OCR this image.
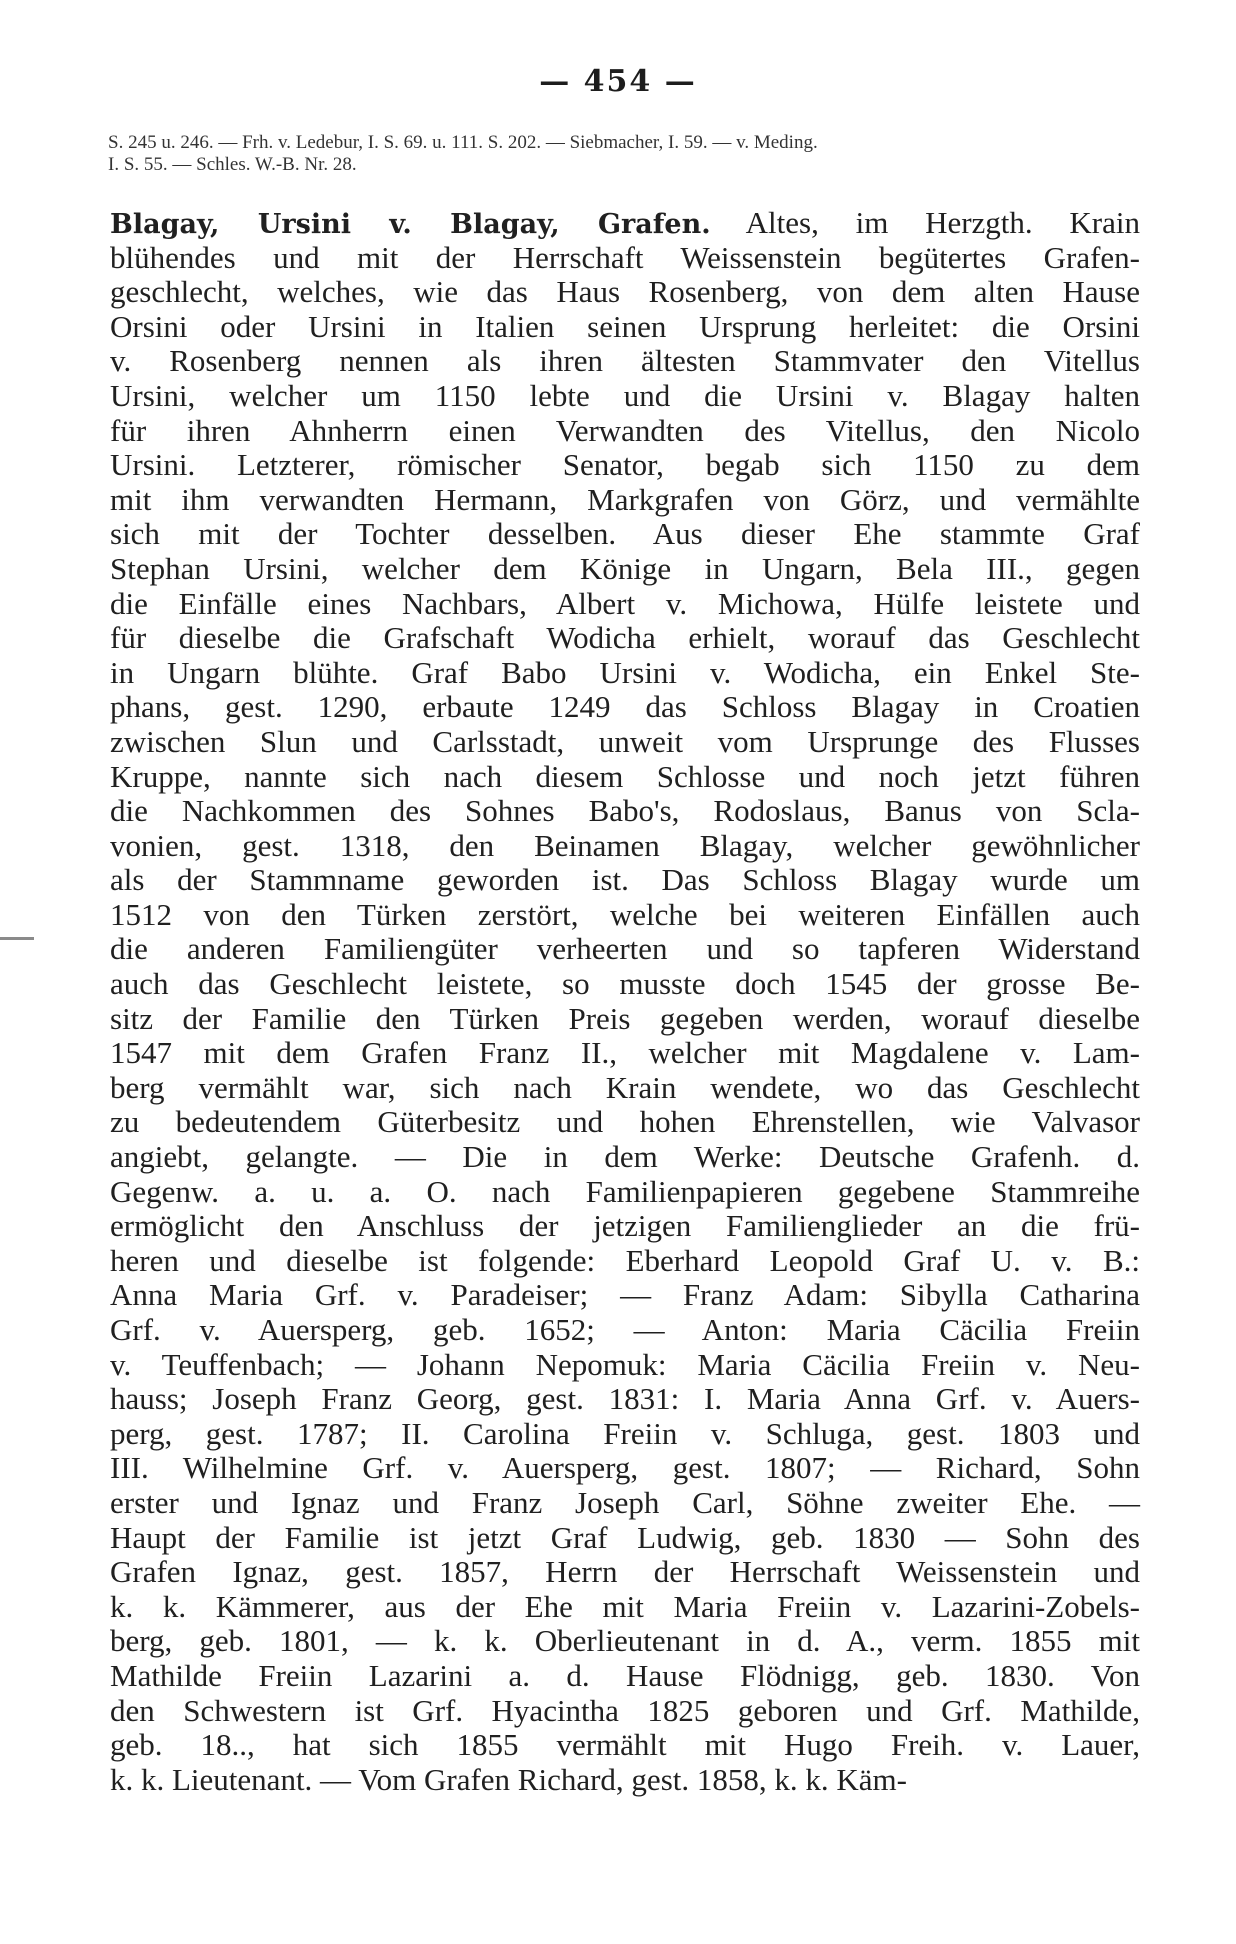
— 454 —
S. 245 u. 246. — Frh. v. Ledebur, I. S. 69. u. 111. S. 202. — Siebmacher, I. 59. — v. Meding.
I. S. 55. — Schles. W.-B. Nr. 28.
Blagay, Ursini v. Blagay, Grafen. Altes, im Herzgth. Krain
blühendes und mit der Herrschaft Weissenstein begütertes Grafen-
geschlecht, welches, wie das Haus Rosenberg, von dem alten Hause
Orsini oder Ursini in Italien seinen Ursprung herleitet: die Orsini
v. Rosenberg nennen als ihren ältesten Stammvater den Vitellus
Ursini, welcher um 1150 lebte und die Ursini v. Blagay halten
für ihren Ahnherrn einen Verwandten des Vitellus, den Nicolo
Ursini. Letzterer, römischer Senator, begab sich 1150 zu dem
mit ihm verwandten Hermann, Markgrafen von Görz, und vermählte
sich mit der Tochter desselben. Aus dieser Ehe stammte Graf
Stephan Ursini, welcher dem Könige in Ungarn, Bela III., gegen
die Einfälle eines Nachbars, Albert v. Michowa, Hülfe leistete und
für dieselbe die Grafschaft Wodicha erhielt, worauf das Geschlecht
in Ungarn blühte. Graf Babo Ursini v. Wodicha, ein Enkel Ste-
phans, gest. 1290, erbaute 1249 das Schloss Blagay in Croatien
zwischen Slun und Carlsstadt, unweit vom Ursprunge des Flusses
Kruppe, nannte sich nach diesem Schlosse und noch jetzt führen
die Nachkommen des Sohnes Babo's, Rodoslaus, Banus von Scla-
vonien, gest. 1318, den Beinamen Blagay, welcher gewöhnlicher
als der Stammname geworden ist. Das Schloss Blagay wurde um
1512 von den Türken zerstört, welche bei weiteren Einfällen auch
die anderen Familiengüter verheerten und so tapferen Widerstand
auch das Geschlecht leistete, so musste doch 1545 der grosse Be-
sitz der Familie den Türken Preis gegeben werden, worauf dieselbe
1547 mit dem Grafen Franz II., welcher mit Magdalene v. Lam-
berg vermählt war, sich nach Krain wendete, wo das Geschlecht
zu bedeutendem Güterbesitz und hohen Ehrenstellen, wie Valvasor
angiebt, gelangte. — Die in dem Werke: Deutsche Grafenh. d.
Gegenw. a. u. a. O. nach Familienpapieren gegebene Stammreihe
ermöglicht den Anschluss der jetzigen Familienglieder an die frü-
heren und dieselbe ist folgende: Eberhard Leopold Graf U. v. B.:
Anna Maria Grf. v. Paradeiser; — Franz Adam: Sibylla Catharina
Grf. v. Auersperg, geb. 1652; — Anton: Maria Cäcilia Freiin
v. Teuffenbach; — Johann Nepomuk: Maria Cäcilia Freiin v. Neu-
hauss; Joseph Franz Georg, gest. 1831: I. Maria Anna Grf. v. Auers-
perg, gest. 1787; II. Carolina Freiin v. Schluga, gest. 1803 und
III. Wilhelmine Grf. v. Auersperg, gest. 1807; — Richard, Sohn
erster und Ignaz und Franz Joseph Carl, Söhne zweiter Ehe. —
Haupt der Familie ist jetzt Graf Ludwig, geb. 1830 — Sohn des
Grafen Ignaz, gest. 1857, Herrn der Herrschaft Weissenstein und
k. k. Kämmerer, aus der Ehe mit Maria Freiin v. Lazarini-Zobels-
berg, geb. 1801, — k. k. Oberlieutenant in d. A., verm. 1855 mit
Mathilde Freiin Lazarini a. d. Hause Flödnigg, geb. 1830. Von
den Schwestern ist Grf. Hyacintha 1825 geboren und Grf. Mathilde,
geb. 18.., hat sich 1855 vermählt mit Hugo Freih. v. Lauer,
k. k. Lieutenant. — Vom Grafen Richard, gest. 1858, k. k. Käm-
